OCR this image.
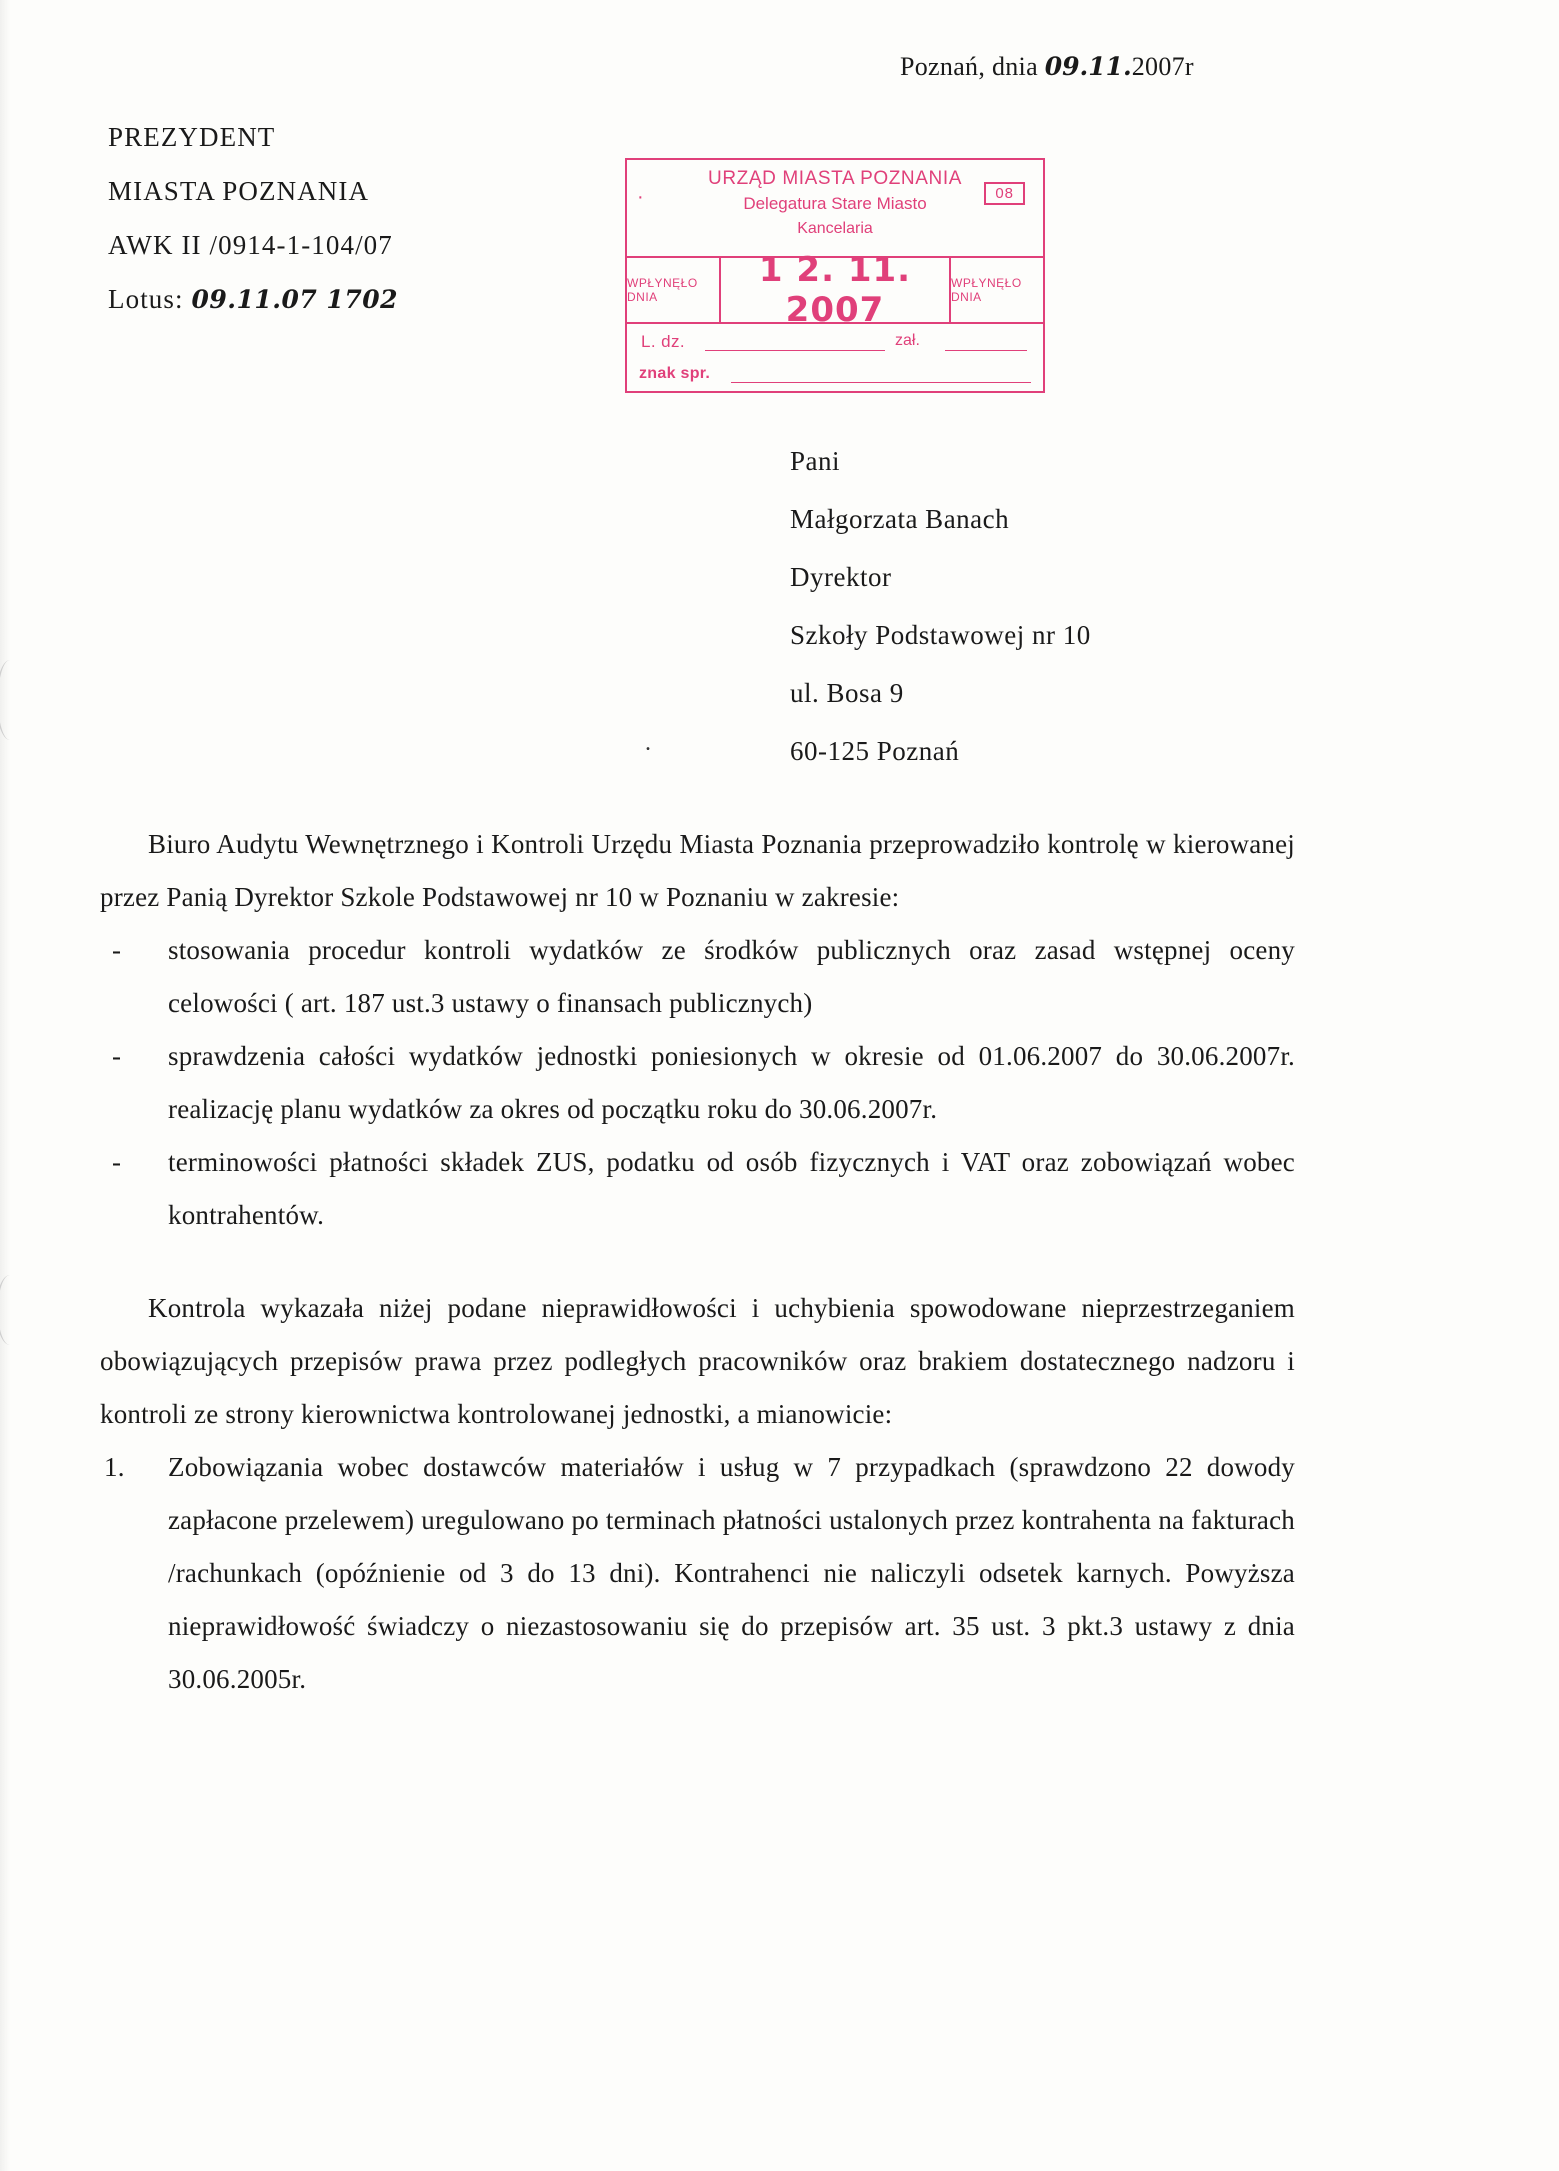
Poznań, dnia 09.11.2007r
PREZYDENT
MIASTA POZNANIA
AWK II /0914-1-104/07
Lotus: 09.11.07 1702
·
URZĄD MIASTA POZNANIA
Delegatura Stare Miasto
Kancelaria
08
WPŁYNĘŁO DNIA
1 2. 11. 2007
WPŁYNĘŁO DNIA
L. dz.	zał.
znak spr.
Pani
Małgorzata Banach
Dyrektor
Szkoły Podstawowej nr 10
ul. Bosa 9
60-125 Poznań
.

Biuro Audytu Wewnętrznego i Kontroli Urzędu Miasta Poznania przeprowadziło kontrolę w kierowanej przez Panią Dyrektor Szkole Podstawowej nr 10 w Poznaniu w zakresie:

- stosowania procedur kontroli wydatków ze środków publicznych oraz zasad wstępnej oceny celowości ( art. 187 ust.3 ustawy o finansach publicznych)
- sprawdzenia całości wydatków jednostki poniesionych w okresie od 01.06.2007 do 30.06.2007r. realizację planu wydatków za okres od początku roku do 30.06.2007r.
- terminowości płatności składek ZUS, podatku od osób fizycznych i VAT oraz zobowiązań wobec kontrahentów.

Kontrola wykazała niżej podane nieprawidłowości i uchybienia spowodowane nieprzestrzeganiem obowiązujących przepisów prawa przez podległych pracowników oraz brakiem dostatecznego nadzoru i kontroli ze strony kierownictwa kontrolowanej jednostki, a mianowicie:

1. Zobowiązania wobec dostawców materiałów i usług w 7 przypadkach (sprawdzono 22 dowody zapłacone przelewem) uregulowano po terminach płatności ustalonych przez kontrahenta na fakturach /rachunkach (opóźnienie od 3 do 13 dni). Kontrahenci nie naliczyli odsetek karnych. Powyższa nieprawidłowość świadczy o niezastosowaniu się do przepisów art. 35 ust. 3 pkt.3 ustawy z dnia 30.06.2005r.
